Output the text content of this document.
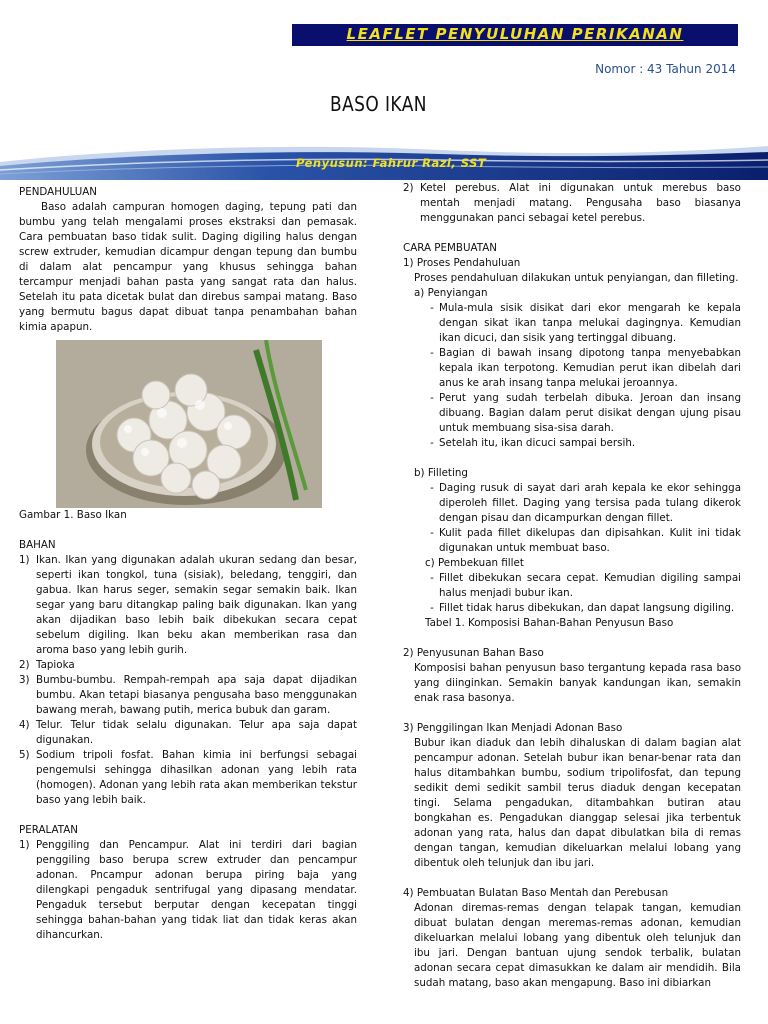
LEAFLET PENYULUHAN PERIKANAN
Nomor : 43 Tahun 2014
BASO IKAN
Penyusun: Fahrur Razi, SST

PENDAHULUAN

Baso adalah campuran homogen daging, tepung pati dan bumbu yang telah mengalami proses ekstraksi dan pemasak. Cara pembuatan baso tidak sulit. Daging digiling halus dengan screw extruder, kemudian dicampur dengan tepung dan bumbu di dalam alat pencampur yang khusus sehingga bahan tercampur menjadi bahan pasta yang sangat rata dan halus. Setelah itu pata dicetak bulat dan direbus sampai matang. Baso yang bermutu bagus dapat dibuat tanpa penambahan bahan kimia apapun.

Gambar 1. Baso Ikan

BAHAN

1) Ikan. Ikan yang digunakan adalah ukuran sedang dan besar, seperti ikan tongkol, tuna (sisiak), beledang, tenggiri, dan gabua. Ikan harus seger, semakin segar semakin baik. Ikan segar yang baru ditangkap paling baik digunakan. Ikan yang akan dijadikan baso lebih baik dibekukan secara cepat sebelum digiling. Ikan beku akan memberikan rasa dan aroma baso yang lebih gurih.
2) Tapioka
3) Bumbu-bumbu. Rempah-rempah apa saja dapat dijadikan bumbu. Akan tetapi biasanya pengusaha baso menggunakan bawang merah, bawang putih, merica bubuk dan garam.
4) Telur. Telur tidak selalu digunakan. Telur apa saja dapat digunakan.
5) Sodium tripoli fosfat. Bahan kimia ini berfungsi sebagai pengemulsi sehingga dihasilkan adonan yang lebih rata (homogen). Adonan yang lebih rata akan memberikan tekstur baso yang lebih baik.

PERALATAN

1) Penggiling dan Pencampur. Alat ini terdiri dari bagian penggiling baso berupa screw extruder dan pencampur adonan. Pncampur adonan berupa piring baja yang dilengkapi pengaduk sentrifugal yang dipasang mendatar. Pengaduk tersebut berputar dengan kecepatan tinggi sehingga bahan-bahan yang tidak liat dan tidak keras akan dihancurkan.
2) Ketel perebus. Alat ini digunakan untuk merebus baso mentah menjadi matang. Pengusaha baso biasanya menggunakan panci sebagai ketel perebus.

CARA PEMBUATAN

1) Proses Pendahuluan

Proses pendahuluan dilakukan untuk penyiangan, dan filleting.

a) Penyiangan

- Mula-mula sisik disikat dari ekor mengarah ke kepala dengan sikat ikan tanpa melukai dagingnya. Kemudian ikan dicuci, dan sisik yang tertinggal dibuang.
- Bagian di bawah insang dipotong tanpa menyebabkan kepala ikan terpotong. Kemudian perut ikan dibelah dari anus ke arah insang tanpa melukai jeroannya.
- Perut yang sudah terbelah dibuka. Jeroan dan insang dibuang. Bagian dalam perut disikat dengan ujung pisau untuk membuang sisa-sisa darah.
- Setelah itu, ikan dicuci sampai bersih.

b) Filleting

- Daging rusuk di sayat dari arah kepala ke ekor sehingga diperoleh fillet. Daging yang tersisa pada tulang dikerok dengan pisau dan dicampurkan dengan fillet.
- Kulit pada fillet dikelupas dan dipisahkan. Kulit ini tidak digunakan untuk membuat baso.

c) Pembekuan fillet

- Fillet dibekukan secara cepat. Kemudian digiling sampai halus menjadi bubur ikan.
- Fillet tidak harus dibekukan, dan dapat langsung digiling.

Tabel 1. Komposisi Bahan-Bahan Penyusun Baso

2) Penyusunan Bahan Baso

Komposisi bahan penyusun baso tergantung kepada rasa baso yang diinginkan. Semakin banyak kandungan ikan, semakin enak rasa basonya.

3) Penggilingan Ikan Menjadi Adonan Baso

Bubur ikan diaduk dan lebih dihaluskan di dalam bagian alat pencampur adonan. Setelah bubur ikan benar-benar rata dan halus ditambahkan bumbu, sodium tripolifosfat, dan tepung sedikit demi sedikit sambil terus diaduk dengan kecepatan tingi. Selama pengadukan, ditambahkan butiran atau bongkahan es. Pengadukan dianggap selesai jika terbentuk adonan yang rata, halus dan dapat dibulatkan bila di remas dengan tangan, kemudian dikeluarkan melalui lobang yang dibentuk oleh telunjuk dan ibu jari.

4) Pembuatan Bulatan Baso Mentah dan Perebusan

Adonan diremas-remas dengan telapak tangan, kemudian dibuat bulatan dengan meremas-remas adonan, kemudian dikeluarkan melalui lobang yang dibentuk oleh telunjuk dan ibu jari. Dengan bantuan ujung sendok terbalik, bulatan adonan secara cepat dimasukkan ke dalam air mendidih. Bila sudah matang, baso akan mengapung. Baso ini dibiarkan
